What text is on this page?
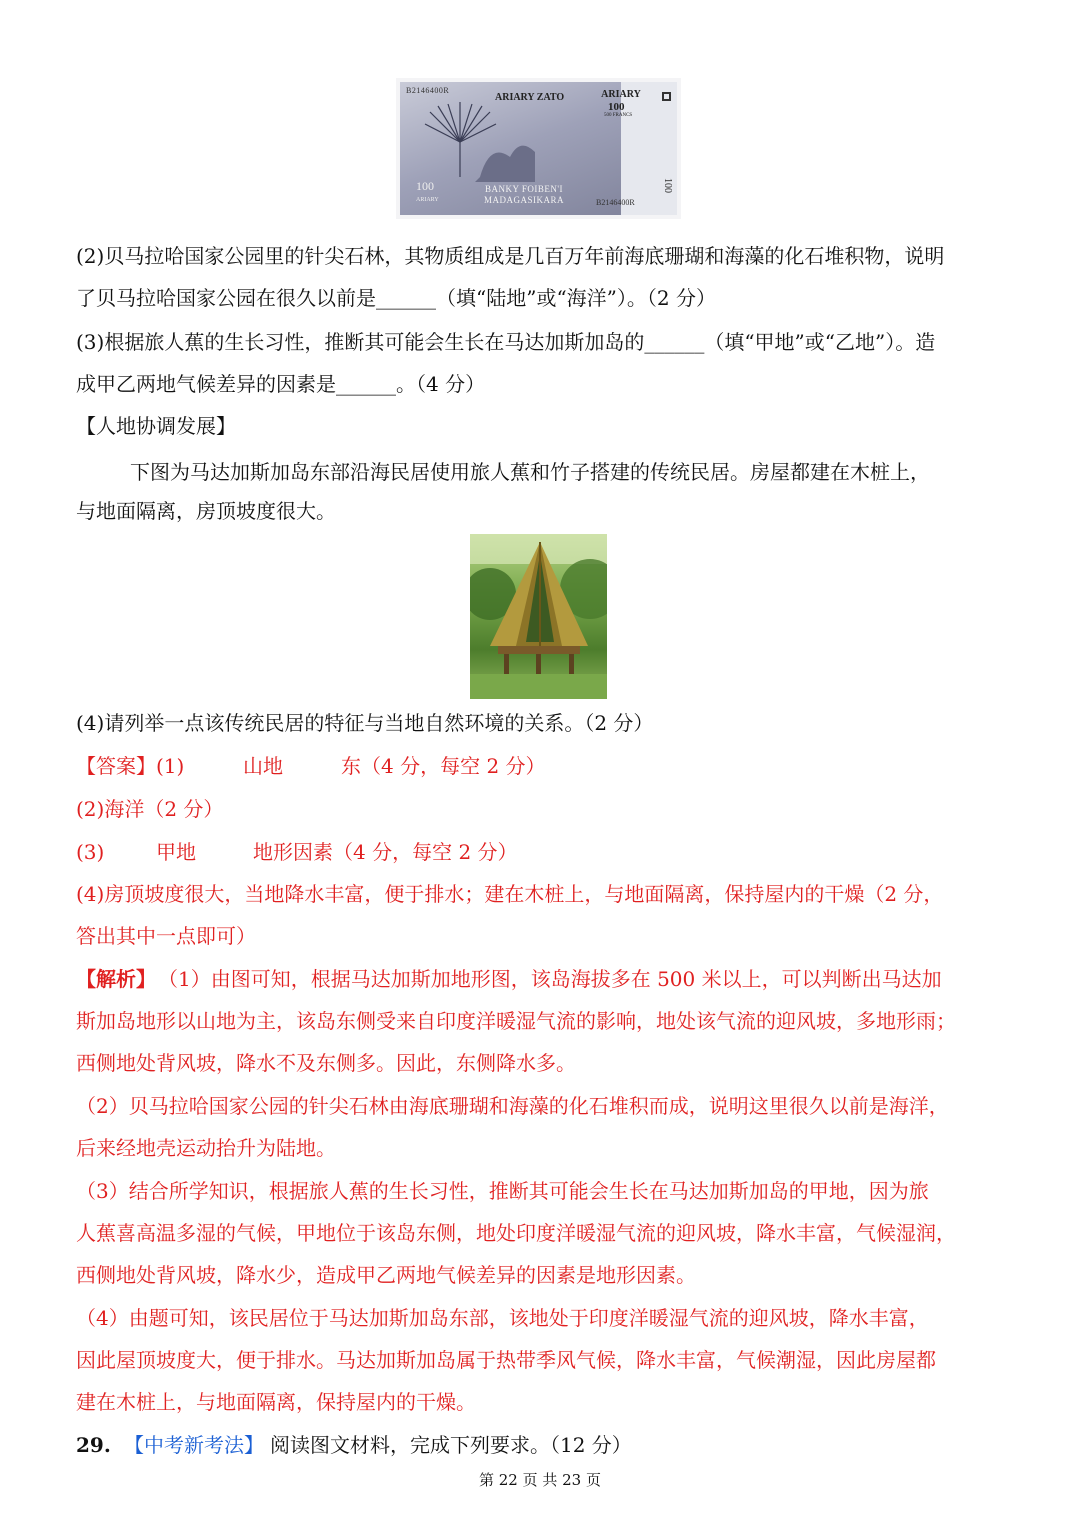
B2146400R
ARIARY ZATO	ARIARY
100
500 FRANCS
100
100
ARIARY
BANKY FOIBEN'I
MADAGASIKARA	B2146400R
(2)贝马拉哈国家公园里的针尖石林，其物质组成是几百万年前海底珊瑚和海藻的化石堆积物，说明
了贝马拉哈国家公园在很久以前是______（填“陆地”或“海洋”）。（2 分）
(3)根据旅人蕉的生长习性，推断其可能会生长在马达加斯加岛的______（填“甲地”或“乙地”）。造
成甲乙两地气候差异的因素是______。（4 分）
【人地协调发展】
下图为马达加斯加岛东部沿海民居使用旅人蕉和竹子搭建的传统民居。房屋都建在木桩上，
与地面隔离，房顶坡度很大。
(4)请列举一点该传统民居的特征与当地自然环境的关系。（2 分）
【答案】(1)	山地	东（4 分，每空 2 分）
(2)海洋（2 分）
(3)	甲地	地形因素（4 分，每空 2 分）
(4)房顶坡度很大，当地降水丰富，便于排水；建在木桩上，与地面隔离，保持屋内的干燥（2 分，
答出其中一点即可）
【解析】 （1）由图可知，根据马达加斯加地形图，该岛海拔多在 500 米以上，可以判断出马达加
斯加岛地形以山地为主，该岛东侧受来自印度洋暖湿气流的影响，地处该气流的迎风坡，多地形雨；
西侧地处背风坡，降水不及东侧多。因此，东侧降水多。
（2）贝马拉哈国家公园的针尖石林由海底珊瑚和海藻的化石堆积而成，说明这里很久以前是海洋，
后来经地壳运动抬升为陆地。
（3）结合所学知识，根据旅人蕉的生长习性，推断其可能会生长在马达加斯加岛的甲地，因为旅
人蕉喜高温多湿的气候，甲地位于该岛东侧，地处印度洋暖湿气流的迎风坡，降水丰富，气候湿润，
西侧地处背风坡，降水少，造成甲乙两地气候差异的因素是地形因素。
（4）由题可知，该民居位于马达加斯加岛东部，该地处于印度洋暖湿气流的迎风坡，降水丰富，
因此屋顶坡度大，便于排水。马达加斯加岛属于热带季风气候，降水丰富，气候潮湿，因此房屋都
建在木桩上，与地面隔离，保持屋内的干燥。
29. 【中考新考法】 阅读图文材料，完成下列要求。（12 分）
第 22 页 共 23 页
